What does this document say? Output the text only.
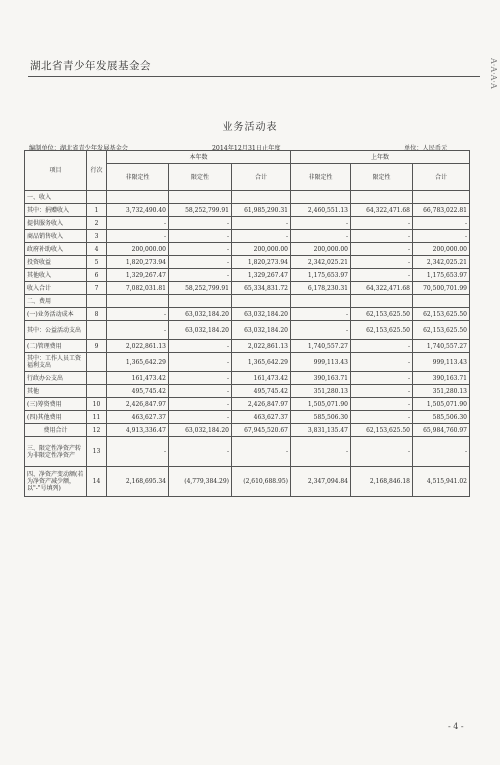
湖北省青少年发展基金会	A·A·A·A
业务活动表
编制单位：湖北省青少年发展基金会	2014年12月31日止年度	单位：人民币元
项目	行次	本年数			上年数		
		非限定性	限定性	合计	非限定性	限定性	合计
一、收入							
其中：捐赠收入	1	3,732,490.40	58,252,799.91	61,985,290.31	2,460,551.13	64,322,471.68	66,783,022.81
提供服务收入	2	-	-	-	-	-	-
商品销售收入	3	-	-	-	-	-	-
政府补助收入	4	200,000.00	-	200,000.00	200,000.00	-	200,000.00
投资收益	5	1,820,273.94	-	1,820,273.94	2,342,025.21	-	2,342,025.21
其他收入	6	1,329,267.47	-	1,329,267.47	1,175,653.97	-	1,175,653.97
收入合计	7	7,082,031.81	58,252,799.91	65,334,831.72	6,178,230.31	64,322,471.68	70,500,701.99
二、费用							
(一)业务活动成本	8	-	63,032,184.20	63,032,184.20	-	62,153,625.50	62,153,625.50
其中：公益活动支出		-	63,032,184.20	63,032,184.20	-	62,153,625.50	62,153,625.50
(二)管理费用	9	2,022,861.13	-	2,022,861.13	1,740,557.27	-	1,740,557.27
其中：工作人员工资福利支出		1,365,642.29	-	1,365,642.29	999,113.43	-	999,113.43
行政办公支出		161,473.42	-	161,473.42	390,163.71	-	390,163.71
其他		495,745.42	-	495,745.42	351,280.13	-	351,280.13
(三)筹资费用	10	2,426,847.97	-	2,426,847.97	1,505,071.90	-	1,505,071.90
(四)其他费用	11	463,627.37	-	463,627.37	585,506.30	-	585,506.30
费用合计	12	4,913,336.47	63,032,184.20	67,945,520.67	3,831,135.47	62,153,625.50	65,984,760.97
三、限定性净资产转为非限定性净资产	13	-	-	-	-	-	-
四、净资产变动额(若为净资产减少额，以"-"号填列)	14	2,168,695.34	(4,779,384.29)	(2,610,688.95)	2,347,094.84	2,168,846.18	4,515,941.02
- 4 -
